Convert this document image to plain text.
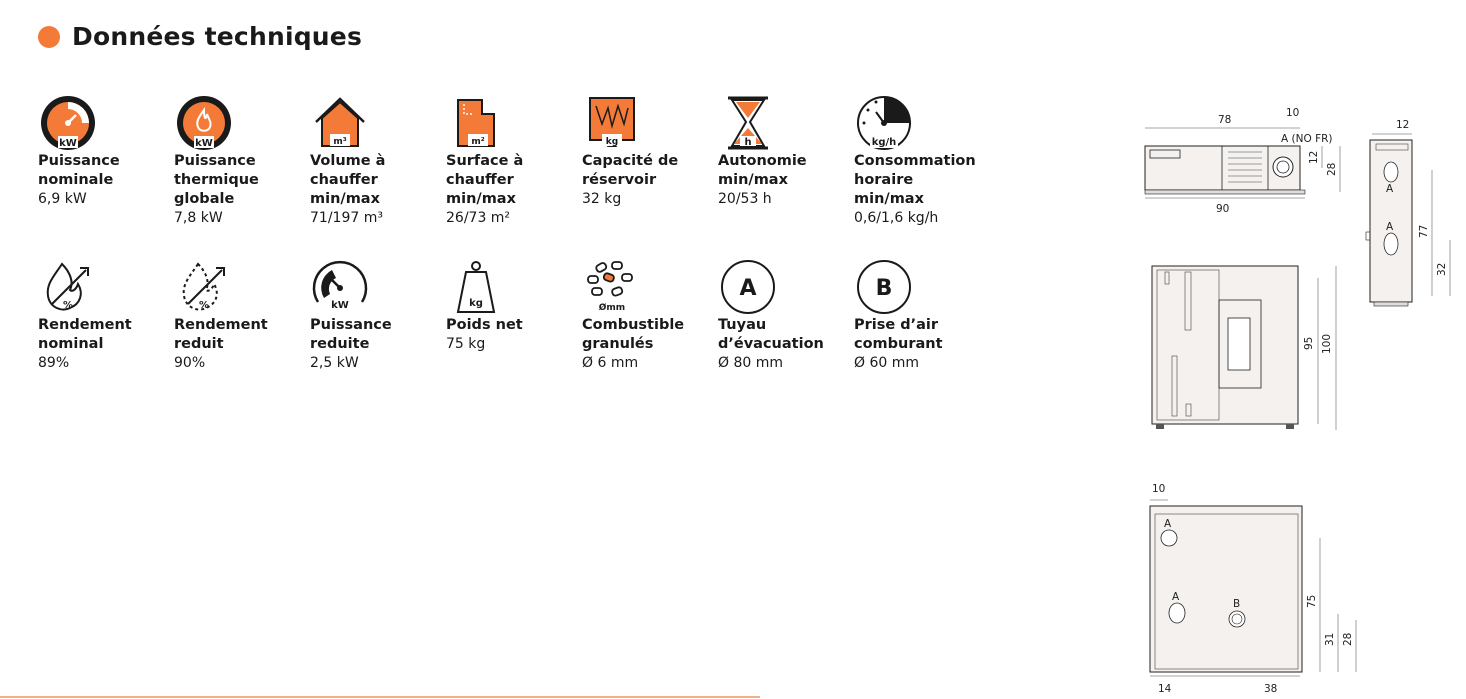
Données techniques
kW
Puissance nominale
6,9 kW
kW
Puissance thermique globale
7,8 kW
m³
Volume à chauffer min/max
71/197 m³
m²
Surface à chauffer min/max
26/73 m²
kg
Capacité de réservoir
32 kg
h
Autonomie min/max
20/53 h
kg/h
Consommation horaire min/max
0,6/1,6 kg/h
%
Rendement nominal
89%
%
Rendement reduit
90%
kW
Puissance reduite
2,5 kW
kg
Poids net
75 kg
Ømm
Combustible granulés
Ø 6 mm
A
Tuyau d’évacuation
Ø 80 mm
B
Prise d’air comburant
Ø 60 mm
78
10
A (NO FR)
90
12
28
12
A
A 77
32
95 100
10
A
A
B
14	38
75
31 28
